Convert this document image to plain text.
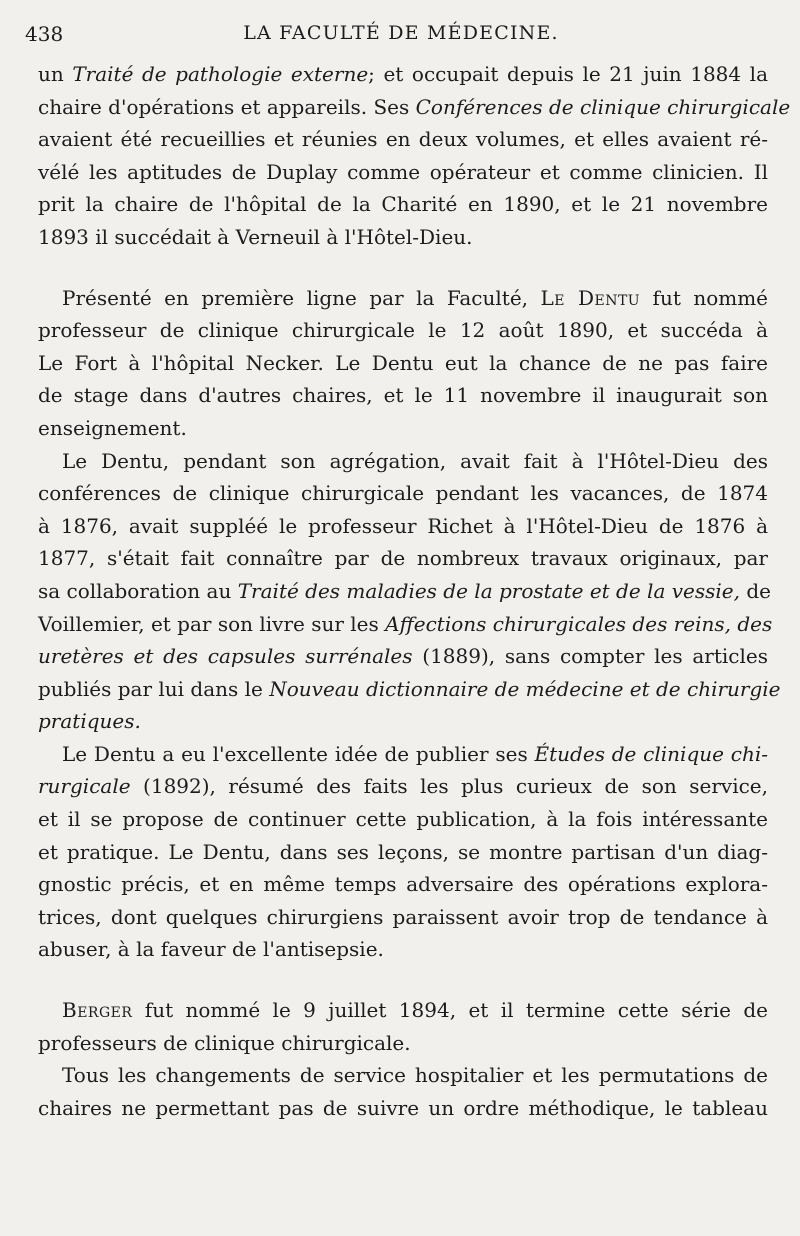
438	LA FACULTÉ DE MÉDECINE.
un Traité de pathologie externe; et occupait depuis le 21 juin 1884 la
chaire d'opérations et appareils. Ses Conférences de clinique chirurgicale
avaient été recueillies et réunies en deux volumes, et elles avaient ré-
vélé les aptitudes de Duplay comme opérateur et comme clinicien. Il
prit la chaire de l'hôpital de la Charité en 1890, et le 21 novembre
1893 il succédait à Verneuil à l'Hôtel-Dieu.
Présenté en première ligne par la Faculté, Le Dentu fut nommé
professeur de clinique chirurgicale le 12 août 1890, et succéda à
Le Fort à l'hôpital Necker. Le Dentu eut la chance de ne pas faire
de stage dans d'autres chaires, et le 11 novembre il inaugurait son
enseignement.
Le Dentu, pendant son agrégation, avait fait à l'Hôtel-Dieu des
conférences de clinique chirurgicale pendant les vacances, de 1874
à 1876, avait suppléé le professeur Richet à l'Hôtel-Dieu de 1876 à
1877, s'était fait connaître par de nombreux travaux originaux, par
sa collaboration au Traité des maladies de la prostate et de la vessie, de
Voillemier, et par son livre sur les Affections chirurgicales des reins, des
uretères et des capsules surrénales (1889), sans compter les articles
publiés par lui dans le Nouveau dictionnaire de médecine et de chirurgie
pratiques.
Le Dentu a eu l'excellente idée de publier ses Études de clinique chi-
rurgicale (1892), résumé des faits les plus curieux de son service,
et il se propose de continuer cette publication, à la fois intéressante
et pratique. Le Dentu, dans ses leçons, se montre partisan d'un diag-
gnostic précis, et en même temps adversaire des opérations explora-
trices, dont quelques chirurgiens paraissent avoir trop de tendance à
abuser, à la faveur de l'antisepsie.
Berger fut nommé le 9 juillet 1894, et il termine cette série de
professeurs de clinique chirurgicale.
Tous les changements de service hospitalier et les permutations de
chaires ne permettant pas de suivre un ordre méthodique, le tableau
